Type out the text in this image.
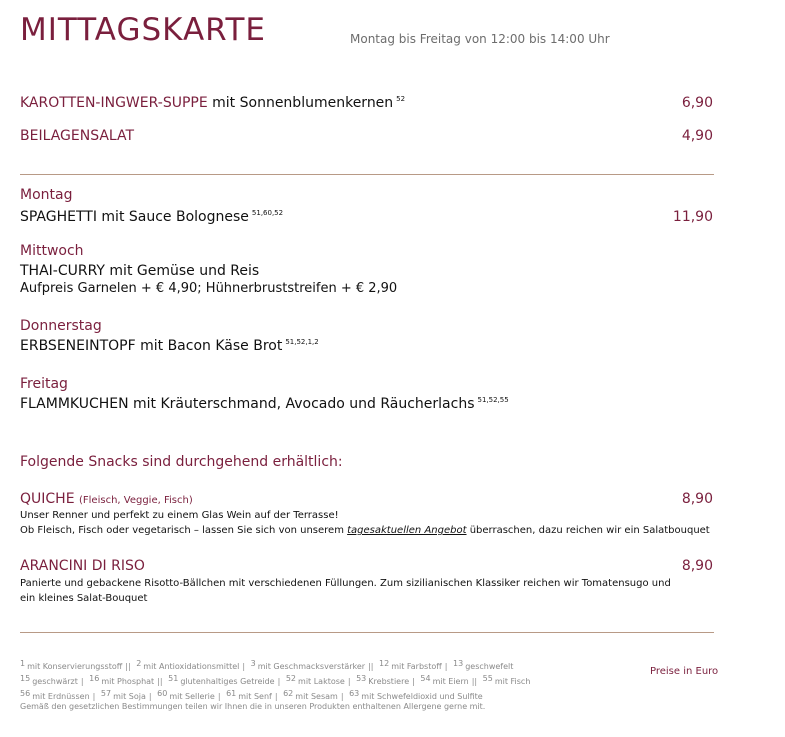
MITTAGSKARTE	Montag bis Freitag von 12:00 bis 14:00 Uhr
KAROTTEN-INGWER-SUPPE mit Sonnenblumenkernen $^{52}$	6,90
BEILAGENSALAT	4,90
Montag
SPAGHETTI mit Sauce Bolognese $^{51,60,52}$	11,90
Mittwoch
THAI-CURRY mit Gemüse und Reis
Aufpreis Garnelen + € 4,90; Hühnerbruststreifen + € 2,90
Donnerstag
ERBSENEINTOPF mit Bacon Käse Brot $^{51,52,1,2}$
Freitag
FLAMMKUCHEN mit Kräuterschmand, Avocado und Räucherlachs $^{51,52,55}$
Folgende Snacks sind durchgehend erhältlich:
QUICHE (Fleisch, Veggie, Fisch)	8,90
Unser Renner und perfekt zu einem Glas Wein auf der Terrasse!
Ob Fleisch, Fisch oder vegetarisch – lassen Sie sich von unserem tagesaktuellen Angebot überraschen, dazu reichen wir ein Salatbouquet
ARANCINI DI RISO	8,90
Panierte und gebackene Risotto-Bällchen mit verschiedenen Füllungen. Zum sizilianischen Klassiker reichen wir Tomatensugo und
ein kleines Salat-Bouquet
1 mit Konservierungsstoff || 2 mit Antioxidationsmittel | 3 mit Geschmacksverstärker || 12 mit Farbstoff | 13 geschwefelt
15 geschwärzt | 16 mit Phosphat || 51 glutenhaltiges Getreide | 52 mit Laktose | 53 Krebstiere | 54 mit Eiern || 55 mit Fisch
56 mit Erdnüssen | 57 mit Soja | 60 mit Sellerie | 61 mit Senf | 62 mit Sesam | 63 mit Schwefeldioxid und Sulfite
Gemäß den gesetzlichen Bestimmungen teilen wir Ihnen die in unseren Produkten enthaltenen Allergene gerne mit.
Preise in Euro
